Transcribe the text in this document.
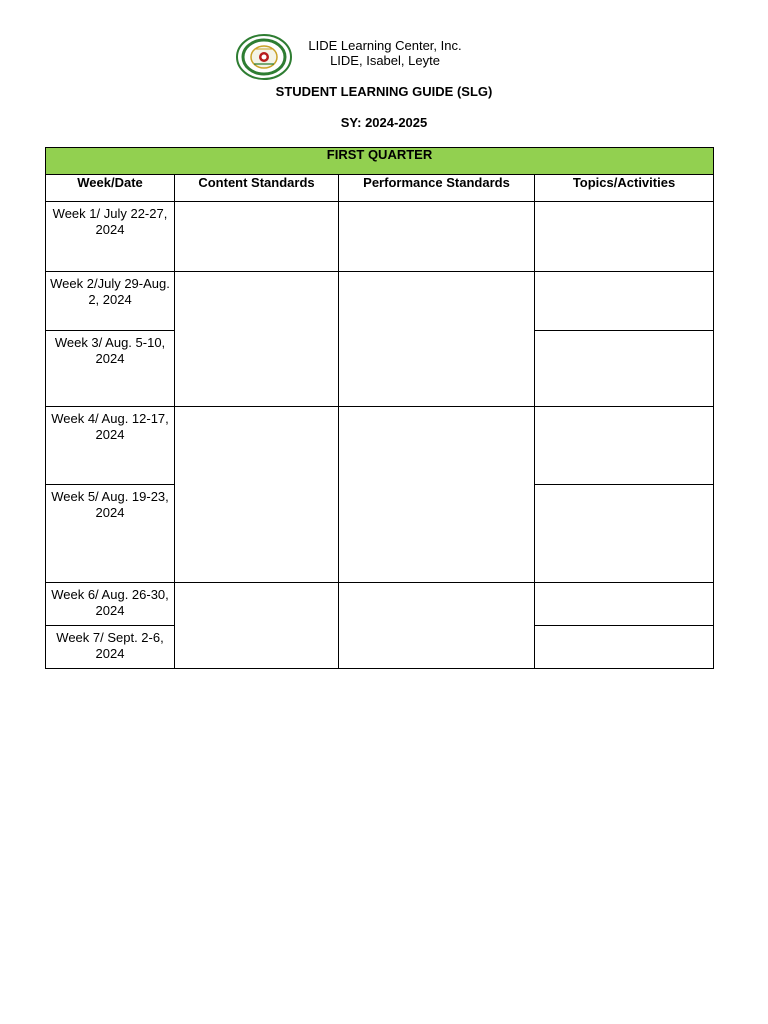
LIDE Learning Center, Inc.
LIDE, Isabel, Leyte
STUDENT LEARNING GUIDE (SLG)
SY: 2024-2025
FIRST QUARTER			

Week/Date	Content Standards	Performance Standards	Topics/Activities

Week 1/ July 22-27, 2024			

Week 2/July 29-Aug. 2, 2024			

Week 3/ Aug. 5-10, 2024			

Week 4/ Aug. 12-17, 2024			

Week 5/ Aug. 19-23, 2024			

Week 6/ Aug. 26-30, 2024			

Week 7/ Sept. 2-6, 2024			
